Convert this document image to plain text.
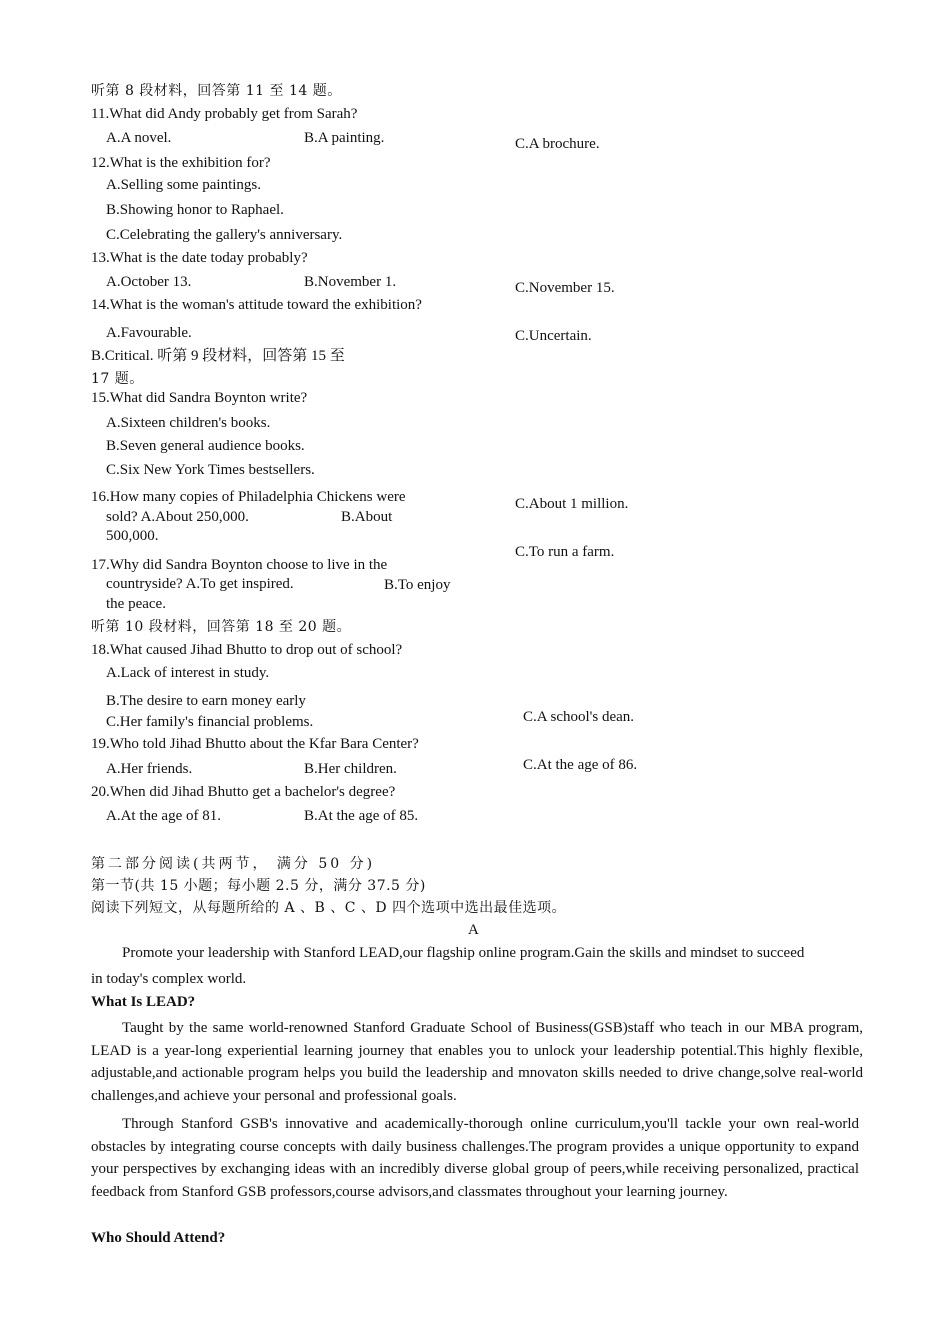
听第 8 段材料，回答第 11 至 14 题。
11.What did Andy probably get from Sarah?
A.A novel.	B.A painting.	C.A brochure.
12.What is the exhibition for?
A.Selling some paintings.
B.Showing honor to Raphael.
C.Celebrating the gallery's anniversary.
13.What is the date today probably?
A.October 13.	B.November 1.	C.November 15.
14.What is the woman's attitude toward the exhibition?
A.Favourable.	C.Uncertain.
B.Critical. 听第 9 段材料，回答第 15 至
17 题。
15.What did Sandra Boynton write?
A.Sixteen children's books.
B.Seven general audience books.
C.Six New York Times bestsellers.
16.How many copies of Philadelphia Chickens were
sold? A.About 250,000.	B.About
500,000.
C.About 1 million.
17.Why did Sandra Boynton choose to live in the
countryside? A.To get inspired.	B.To enjoy
the peace.
C.To run a farm.
听第 10 段材料，回答第 18 至 20 题。
18.What caused Jihad Bhutto to drop out of school?
A.Lack of interest in study.
B.The desire to earn money early
C.Her family's financial problems.
19.Who told Jihad Bhutto about the Kfar Bara Center?
A.Her friends.	B.Her children.
C.A school's dean.
20.When did Jihad Bhutto get a bachelor's degree?
A.At the age of 81.	B.At the age of 85.
C.At the age of 86.
第二部分阅读(共两节， 满分 50 分)
第一节(共 15 小题；每小题 2.5 分，满分 37.5 分)
阅读下列短文，从每题所给的 A 、B 、C 、D 四个选项中选出最佳选项。
A
Promote your leadership with Stanford LEAD,our flagship online program.Gain the skills and mindset to succeed
in today's complex world.
What Is LEAD?
Taught by the same world-renowned Stanford Graduate School of Business(GSB)staff who teach in our MBA program, LEAD is a year-long experiential learning journey that enables you to unlock your leadership potential.This highly flexible, adjustable,and actionable program helps you build the leadership and mnovaton skills needed to drive change,solve real-world challenges,and achieve your personal and professional goals.
Through Stanford GSB's innovative and academically-thorough online curriculum,you'll tackle your own real-world obstacles by integrating course concepts with daily business challenges.The program provides a unique opportunity to expand your perspectives by exchanging ideas with an incredibly diverse global group of peers,while receiving personalized, practical feedback from Stanford GSB professors,course advisors,and classmates throughout your learning journey.
Who Should Attend?
